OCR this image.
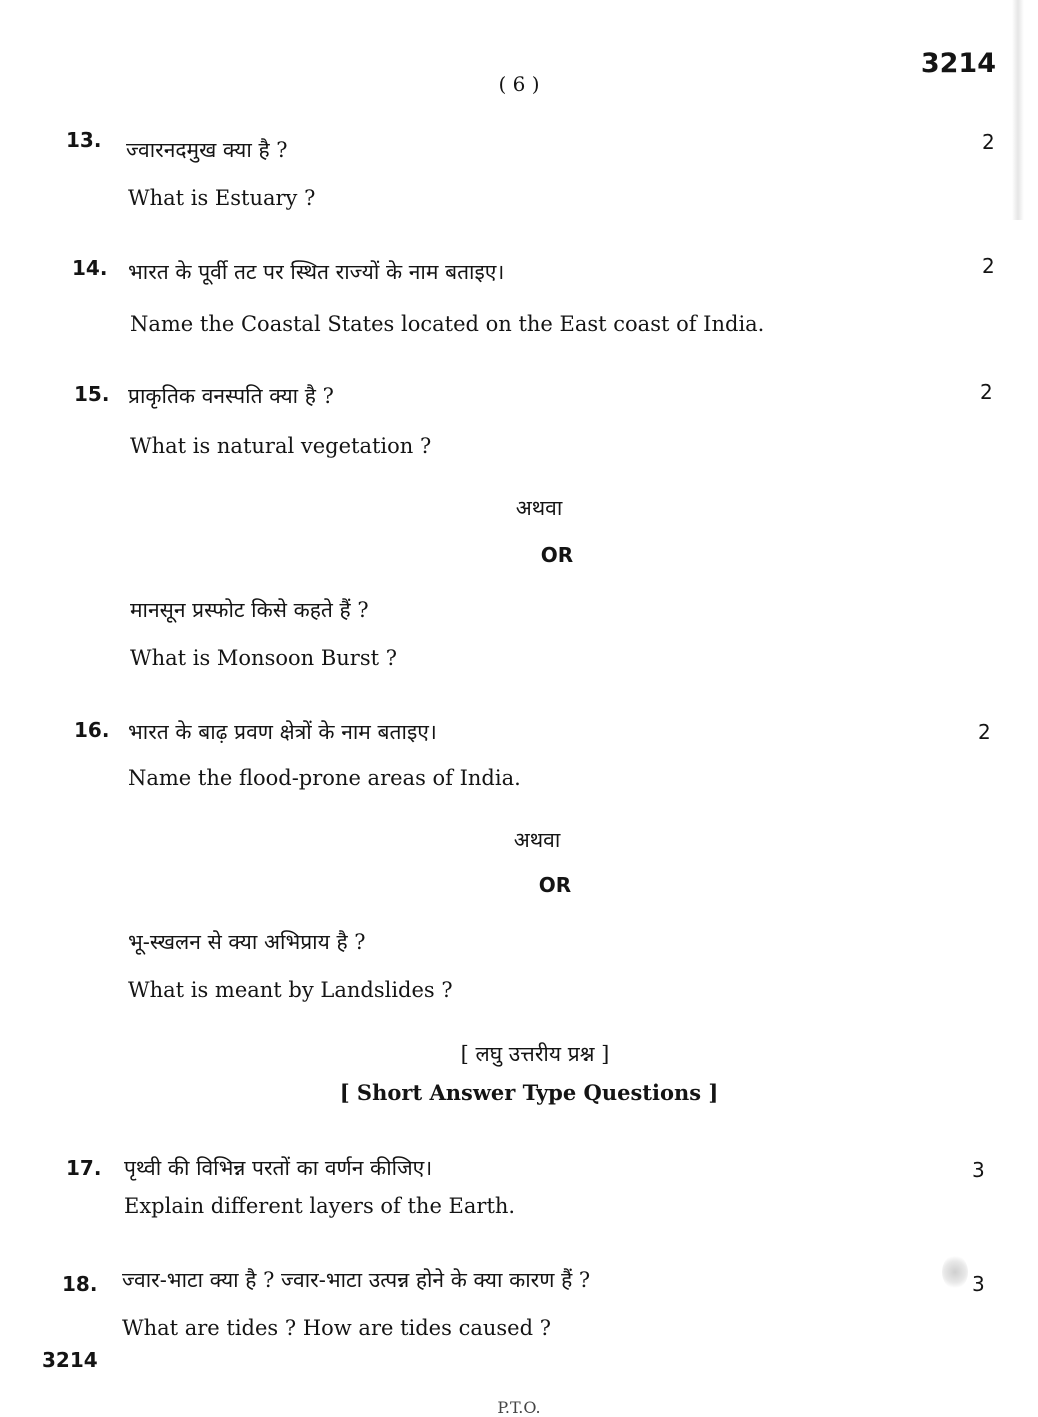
( 6 )
3214
13. ज्वारनदमुख क्या है ?	2
What is Estuary ?
14. भारत के पूर्वी तट पर स्थित राज्यों के नाम बताइए।	2
Name the Coastal States located on the East coast of India.
15. प्राकृतिक वनस्पति क्या है ?	2
What is natural vegetation ?
अथवा
OR
मानसून प्रस्फोट किसे कहते हैं ?
What is Monsoon Burst ?
16. भारत के बाढ़ प्रवण क्षेत्रों के नाम बताइए।	2
Name the flood-prone areas of India.
अथवा
OR
भू-स्खलन से क्या अभिप्राय है ?
What is meant by Landslides ?
[ लघु उत्तरीय प्रश्न ]
[ Short Answer Type Questions ]
17. पृथ्वी की विभिन्न परतों का वर्णन कीजिए।	3
Explain different layers of the Earth.
18. ज्वार-भाटा क्या है ? ज्वार-भाटा उत्पन्न होने के क्या कारण हैं ?	3
What are tides ? How are tides caused ?
3214
P.T.O.
